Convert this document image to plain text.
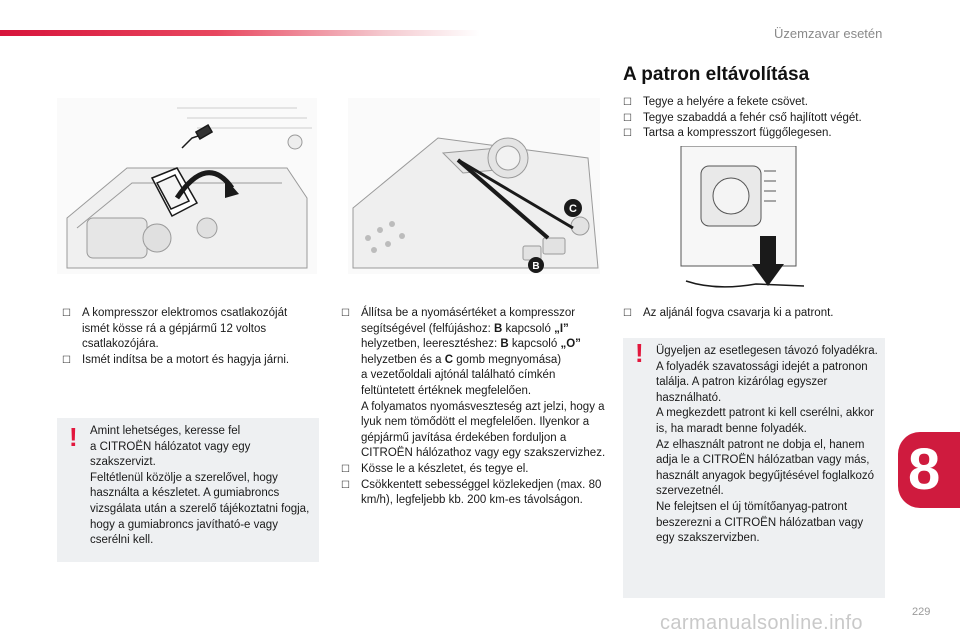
Üzemzavar esetén
C
B
A patron eltávolítása
☐ Tegye a helyére a fekete csövet.
☐ Tegye szabaddá a fehér cső hajlított végét.
☐ Tartsa a kompresszort függőlegesen.
☐ A kompresszor elektromos csatlakozóját ismét kösse rá a gépjármű 12 voltos csatlakozójára.
☐ Ismét indítsa be a motort és hagyja járni.
☐ Állítsa be a nyomásértéket a kompresszor segítségével (felfújáshoz: B kapcsoló „I” helyzetben, leeresztéshez: B kapcsoló „O” helyzetben és a C gomb megnyomása)
a vezetőoldali ajtónál található címkén feltüntetett értéknek megfelelően.
A folyamatos nyomásveszteség azt jelzi, hogy a lyuk nem tömődött el megfelelően. Ilyenkor a gépjármű javítása érdekében forduljon a CITROËN hálózathoz vagy egy szakszervizhez.
☐ Kösse le a készletet, és tegye el.
☐ Csökkentett sebességgel közlekedjen (max. 80 km/h), legfeljebb kb. 200 km-es távolságon.
☐ Az aljánál fogva csavarja ki a patront.
! Amint lehetséges, keresse fel

a CITROËN hálózatot vagy egy szakszervizt.

Feltétlenül közölje a szerelővel, hogy használta a készletet. A gumiabroncs vizsgálata után a szerelő tájékoztatni fogja, hogy a gumiabroncs javítható-e vagy cserélni kell.

! Ügyeljen az esetlegesen távozó folyadékra.

A folyadék szavatossági idejét a patronon találja. A patron kizárólag egyszer használható.

A megkezdett patront ki kell cserélni, akkor is, ha maradt benne folyadék.

Az elhasznált patront ne dobja el, hanem adja le a CITROËN hálózatban vagy más, használt anyagok begyűjtésével foglalkozó szervezetnél.

Ne felejtsen el új tömítőanyag-patront beszerezni a CITROËN hálózatban vagy egy szakszervizben.

8
229
carmanualsonline.info
